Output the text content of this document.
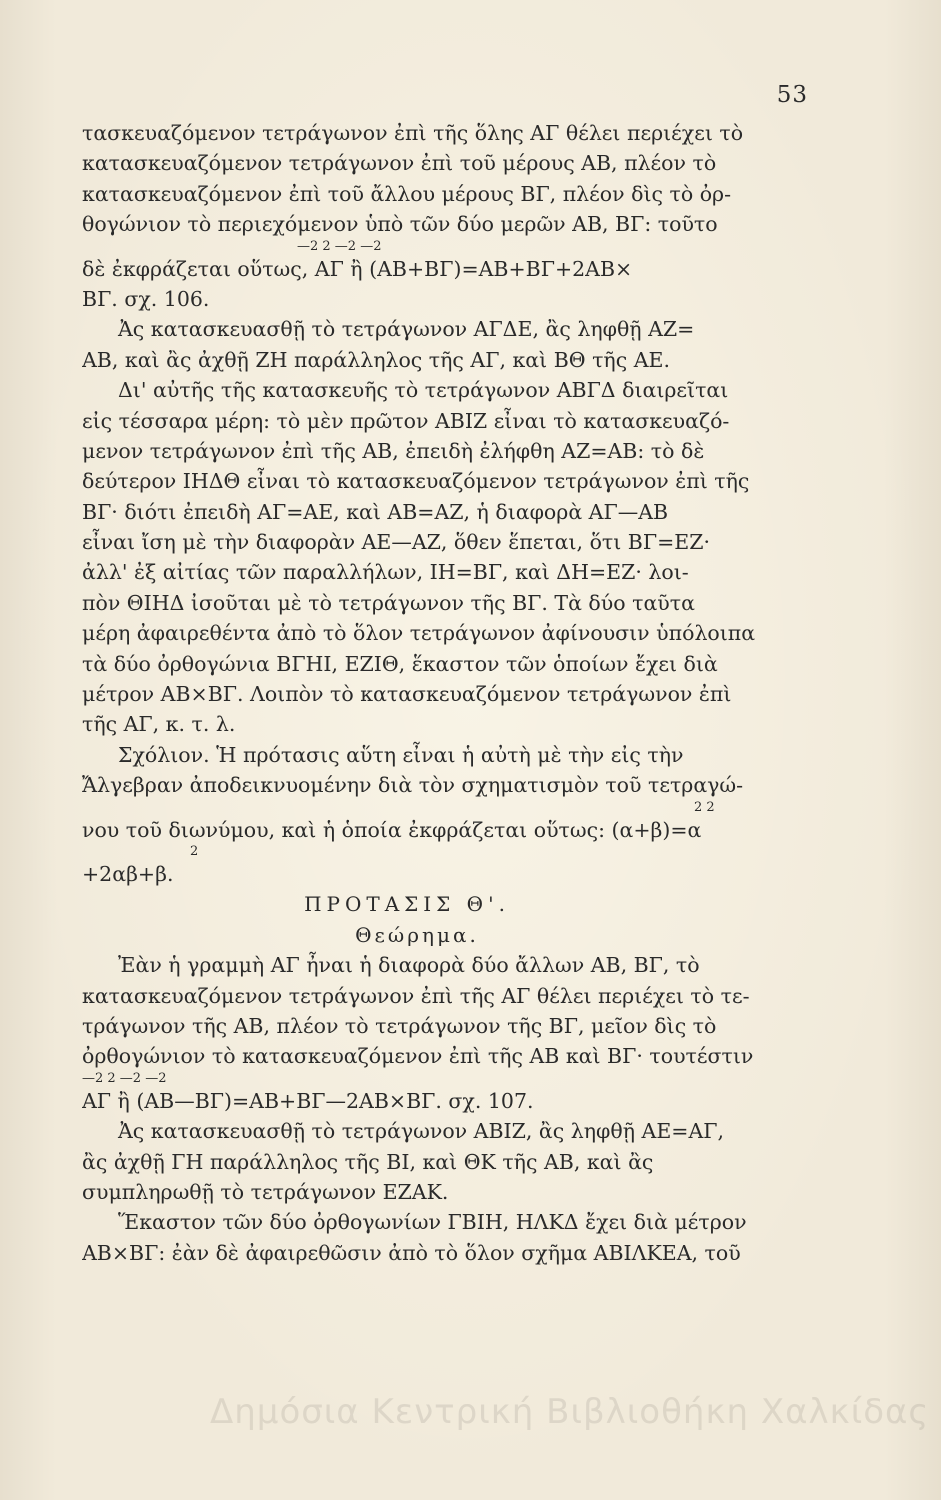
53
τασκευαζόμενον τετράγωνον ἐπὶ τῆς ὅλης ΑΓ θέλει περιέχει τὸ
κατασκευαζόμενον τετράγωνον ἐπὶ τοῦ μέρους ΑΒ, πλέον τὸ
κατασκευαζόμενον ἐπὶ τοῦ ἄλλου μέρους ΒΓ, πλέον δὶς τὸ ὀρ-
θογώνιον τὸ περιεχόμενον ὑπὸ τῶν δύο μερῶν ΑΒ, ΒΓ: τοῦτο
—2 2 —2 —2
δὲ ἐκφράζεται οὕτως, ΑΓ ἢ (ΑΒ+ΒΓ)=ΑΒ+ΒΓ+2ΑΒ×
ΒΓ. σχ. 106.
Ἀς κατασκευασθῇ τὸ τετράγωνον ΑΓΔΕ, ἂς ληφθῇ ΑΖ=
ΑΒ, καὶ ἂς ἀχθῇ ΖΗ παράλληλος τῆς ΑΓ, καὶ ΒΘ τῆς ΑΕ.
Δι' αὐτῆς τῆς κατασκευῆς τὸ τετράγωνον ΑΒΓΔ διαιρεῖται
εἰς τέσσαρα μέρη: τὸ μὲν πρῶτον ΑΒΙΖ εἶναι τὸ κατασκευαζό-
μενον τετράγωνον ἐπὶ τῆς ΑΒ, ἐπειδὴ ἐλήφθη ΑΖ=ΑΒ: τὸ δὲ
δεύτερον ΙΗΔΘ εἶναι τὸ κατασκευαζόμενον τετράγωνον ἐπὶ τῆς
ΒΓ· διότι ἐπειδὴ ΑΓ=ΑΕ, καὶ ΑΒ=ΑΖ, ἡ διαφορὰ ΑΓ—ΑΒ
εἶναι ἴση μὲ τὴν διαφορὰν ΑΕ—ΑΖ, ὅθεν ἕπεται, ὅτι ΒΓ=ΕΖ·
ἀλλ' ἐξ αἰτίας τῶν παραλλήλων, ΙΗ=ΒΓ, καὶ ΔΗ=ΕΖ· λοι-
πὸν ΘΙΗΔ ἰσοῦται μὲ τὸ τετράγωνον τῆς ΒΓ. Τὰ δύο ταῦτα
μέρη ἀφαιρεθέντα ἀπὸ τὸ ὅλον τετράγωνον ἀφίνουσιν ὑπόλοιπα
τὰ δύο ὀρθογώνια ΒΓΗΙ, ΕΖΙΘ, ἕκαστον τῶν ὁποίων ἔχει διὰ
μέτρον ΑΒ×ΒΓ. Λοιπὸν τὸ κατασκευαζόμενον τετράγωνον ἐπὶ
τῆς ΑΓ, κ. τ. λ.
Σχόλιον. Ἡ πρότασις αὕτη εἶναι ἡ αὐτὴ μὲ τὴν εἰς τὴν
Ἄλγεβραν ἀποδεικνυομένην διὰ τὸν σχηματισμὸν τοῦ τετραγώ-
2 2
νου τοῦ διωνύμου, καὶ ἡ ὁποία ἐκφράζεται οὕτως: (α+β)=α
2
+2αβ+β.
ΠΡΟΤΑΣΙΣ Θ'.
Θεώρημα.
Ἐὰν ἡ γραμμὴ ΑΓ ἦναι ἡ διαφορὰ δύο ἄλλων ΑΒ, ΒΓ, τὸ
κατασκευαζόμενον τετράγωνον ἐπὶ τῆς ΑΓ θέλει περιέχει τὸ τε-
τράγωνον τῆς ΑΒ, πλέον τὸ τετράγωνον τῆς ΒΓ, μεῖον δὶς τὸ
ὀρθογώνιον τὸ κατασκευαζόμενον ἐπὶ τῆς ΑΒ καὶ ΒΓ· τουτέστιν
—2 2 —2 —2
ΑΓ ἢ (ΑΒ—ΒΓ)=ΑΒ+ΒΓ—2ΑΒ×ΒΓ. σχ. 107.
Ἀς κατασκευασθῇ τὸ τετράγωνον ΑΒΙΖ, ἂς ληφθῇ ΑΕ=ΑΓ,
ἂς ἀχθῇ ΓΗ παράλληλος τῆς ΒΙ, καὶ ΘΚ τῆς ΑΒ, καὶ ἂς
συμπληρωθῇ τὸ τετράγωνον ΕΖΑΚ.
Ἕκαστον τῶν δύο ὀρθογωνίων ΓΒΙΗ, ΗΛΚΔ ἔχει διὰ μέτρον
ΑΒ×ΒΓ: ἐὰν δὲ ἀφαιρεθῶσιν ἀπὸ τὸ ὅλον σχῆμα ΑΒΙΛΚΕΑ, τοῦ
Δημόσια Κεντρική Βιβλιοθήκη Χαλκίδας
